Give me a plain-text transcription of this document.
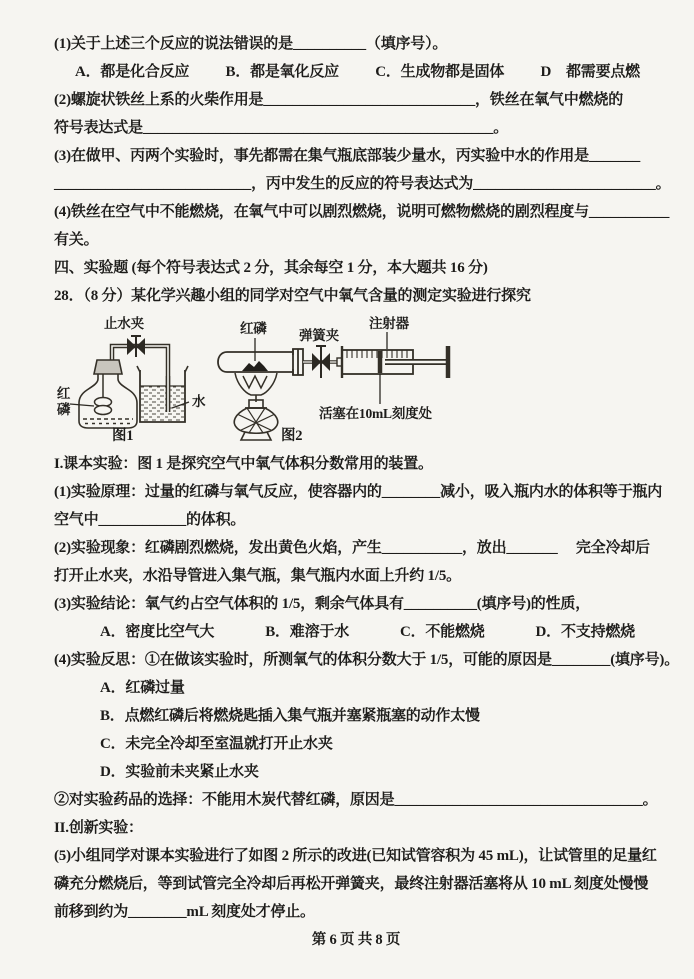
(1)关于上述三个反应的说法错误的是__________（填序号）。

A．都是化合反应 B．都是氧化反应 C．生成物都是固体 D　都需要点燃

(2)螺旋状铁丝上系的火柴作用是_____________________________，铁丝在氧气中燃烧的

符号表达式是________________________________________________。

(3)在做甲、丙两个实验时，事先都需在集气瓶底部装少量水，丙实验中水的作用是_______

___________________________，丙中发生的反应的符号表达式为_________________________。

(4)铁丝在空气中不能燃烧，在氧气中可以剧烈燃烧，说明可燃物燃烧的剧烈程度与___________

有关。

四、实验题 (每个符号表达式 2 分，其余每空 1 分，本大题共 16 分)

28．（8 分）某化学兴趣小组的同学对空气中氧气含量的测定实验进行探究

止水夹
红磷
水
图1
红磷 弹簧夹
注射器
活塞在10mL刻度处
图2

I.课本实验：图 1 是探究空气中氧气体积分数常用的装置。

(1)实验原理：过量的红磷与氧气反应，使容器内的________减小，吸入瓶内水的体积等于瓶内

空气中____________的体积。

(2)实验现象：红磷剧烈燃烧，发出黄色火焰，产生___________，放出_______　 完全冷却后

打开止水夹，水沿导管进入集气瓶，集气瓶内水面上升约 1/5。

(3)实验结论：氧气约占空气体积的 1/5，剩余气体具有__________(填序号)的性质，

A．密度比空气大	B．难溶于水	C．不能燃烧	D．不支持燃烧

(4)实验反思：①在做该实验时，所测氧气的体积分数大于 1/5，可能的原因是________(填序号)。

A．红磷过量

B．点燃红磷后将燃烧匙插入集气瓶并塞紧瓶塞的动作太慢

C．未完全冷却至室温就打开止水夹

D．实验前未夹紧止水夹

②对实验药品的选择：不能用木炭代替红磷，原因是__________________________________。

II.创新实验：

(5)小组同学对课本实验进行了如图 2 所示的改进(已知试管容积为 45 mL)，让试管里的足量红

磷充分燃烧后，等到试管完全冷却后再松开弹簧夹，最终注射器活塞将从 10 mL 刻度处慢慢

前移到约为________mL 刻度处才停止。

第 6 页 共 8 页
